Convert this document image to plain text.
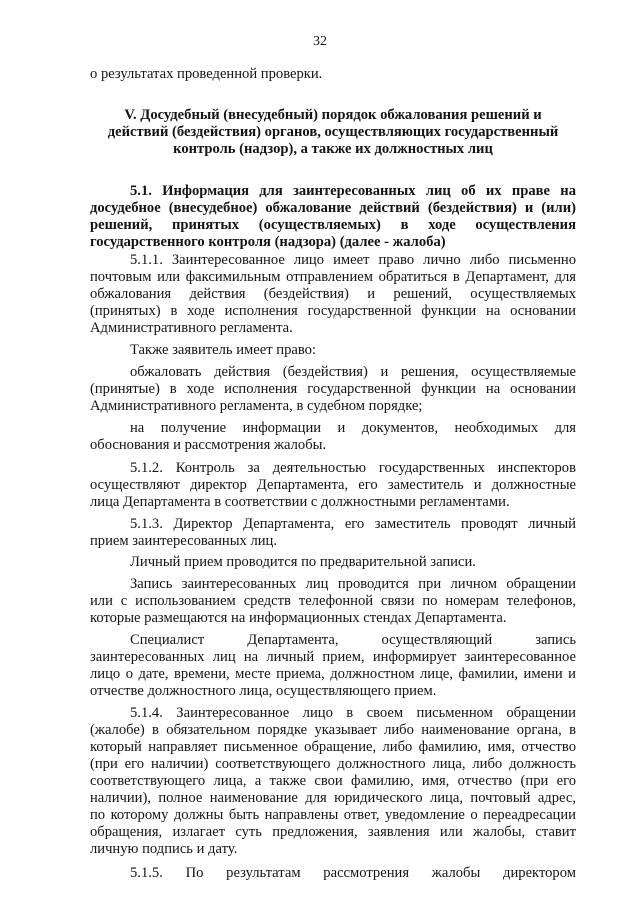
32
о результатах проведенной проверки.
V. Досудебный (внесудебный) порядок обжалования решений и
действий (бездействия) органов, осуществляющих государственный
контроль (надзор), а также их должностных лиц
5.1. Информация для заинтересованных лиц об их праве на
досудебное (внесудебное) обжалование действий (бездействия) и (или)
решений, принятых (осуществляемых) в ходе осуществления
государственного контроля (надзора) (далее - жалоба)
5.1.1. Заинтересованное лицо имеет право лично либо письменно
почтовым или факсимильным отправлением обратиться в Департамент, для
обжалования действия (бездействия) и решений, осуществляемых
(принятых) в ходе исполнения государственной функции на основании
Административного регламента.
Также заявитель имеет право:
обжаловать действия (бездействия) и решения, осуществляемые
(принятые) в ходе исполнения государственной функции на основании
Административного регламента, в судебном порядке;
на получение информации и документов, необходимых для
обоснования и рассмотрения жалобы.
5.1.2. Контроль за деятельностью государственных инспекторов
осуществляют директор Департамента, его заместитель и должностные
лица Департамента в соответствии с должностными регламентами.
5.1.3. Директор Департамента, его заместитель проводят личный
прием заинтересованных лиц.
Личный прием проводится по предварительной записи.
Запись заинтересованных лиц проводится при личном обращении
или с использованием средств телефонной связи по номерам телефонов,
которые размещаются на информационных стендах Департамента.
Специалист Департамента, осуществляющий запись
заинтересованных лиц на личный прием, информирует заинтересованное
лицо о дате, времени, месте приема, должностном лице, фамилии, имени и
отчестве должностного лица, осуществляющего прием.
5.1.4. Заинтересованное лицо в своем письменном обращении
(жалобе) в обязательном порядке указывает либо наименование органа, в
который направляет письменное обращение, либо фамилию, имя, отчество
(при его наличии) соответствующего должностного лица, либо должность
соответствующего лица, а также свои фамилию, имя, отчество (при его
наличии), полное наименование для юридического лица, почтовый адрес,
по которому должны быть направлены ответ, уведомление о переадресации
обращения, излагает суть предложения, заявления или жалобы, ставит
личную подпись и дату.
5.1.5. По результатам рассмотрения жалобы директором
